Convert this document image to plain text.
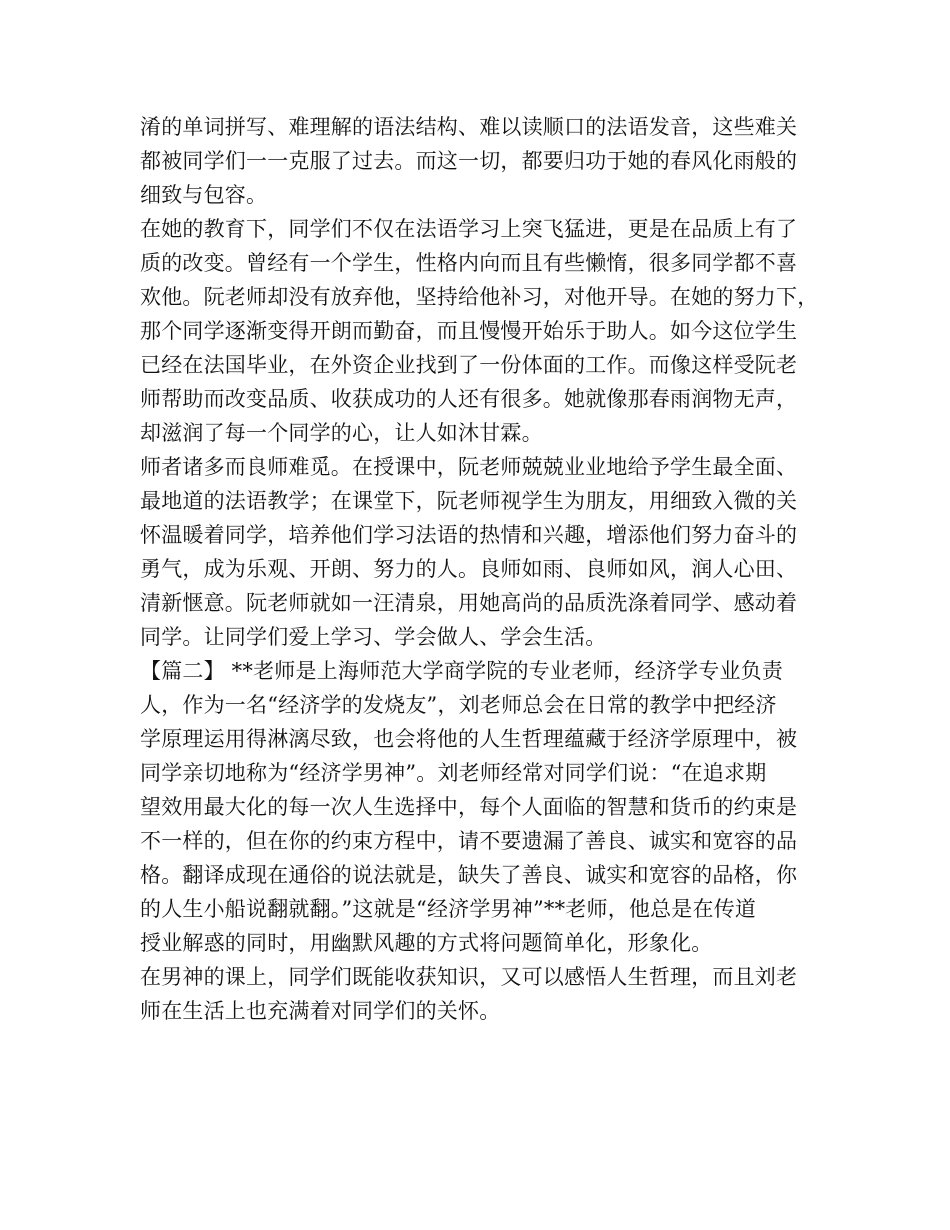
淆的单词拼写、难理解的语法结构、难以读顺口的法语发音，这些难关
都被同学们一一克服了过去。而这一切，都要归功于她的春风化雨般的
细致与包容。
在她的教育下，同学们不仅在法语学习上突飞猛进，更是在品质上有了
质的改变。曾经有一个学生，性格内向而且有些懒惰，很多同学都不喜
欢他。阮老师却没有放弃他，坚持给他补习，对他开导。在她的努力下，
那个同学逐渐变得开朗而勤奋，而且慢慢开始乐于助人。如今这位学生
已经在法国毕业，在外资企业找到了一份体面的工作。而像这样受阮老
师帮助而改变品质、收获成功的人还有很多。她就像那春雨润物无声，
却滋润了每一个同学的心，让人如沐甘霖。
师者诸多而良师难觅。在授课中，阮老师兢兢业业地给予学生最全面、
最地道的法语教学；在课堂下，阮老师视学生为朋友，用细致入微的关
怀温暖着同学，培养他们学习法语的热情和兴趣，增添他们努力奋斗的
勇气，成为乐观、开朗、努力的人。良师如雨、良师如风，润人心田、
清新惬意。阮老师就如一汪清泉，用她高尚的品质洗涤着同学、感动着
同学。让同学们爱上学习、学会做人、学会生活。
【篇二】 **老师是上海师范大学商学院的专业老师，经济学专业负责
人，作为一名“经济学的发烧友”，刘老师总会在日常的教学中把经济
学原理运用得淋漓尽致，也会将他的人生哲理蕴藏于经济学原理中，被
同学亲切地称为“经济学男神”。刘老师经常对同学们说：“在追求期
望效用最大化的每一次人生选择中，每个人面临的智慧和货币的约束是
不一样的，但在你的约束方程中，请不要遗漏了善良、诚实和宽容的品
格。翻译成现在通俗的说法就是，缺失了善良、诚实和宽容的品格，你
的人生小船说翻就翻。”这就是“经济学男神”**老师，他总是在传道
授业解惑的同时，用幽默风趣的方式将问题简单化，形象化。
在男神的课上，同学们既能收获知识，又可以感悟人生哲理，而且刘老
师在生活上也充满着对同学们的关怀。
